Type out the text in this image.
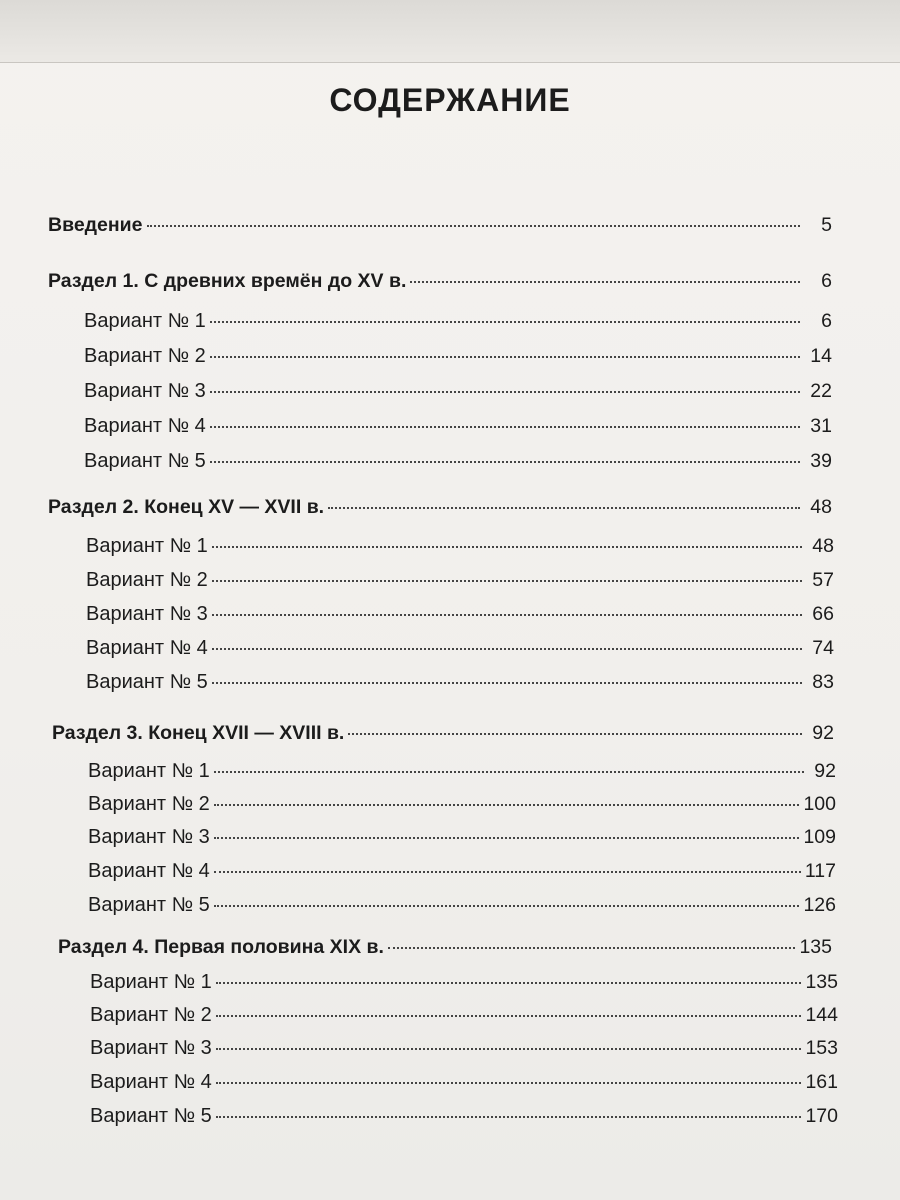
СОДЕРЖАНИЕ
Введение	5
Раздел 1. С древних времён до XV в.	6
Вариант № 1	6
Вариант № 2	14
Вариант № 3	22
Вариант № 4	31
Вариант № 5	39
Раздел 2. Конец XV — XVII в.	48
Вариант № 1	48
Вариант № 2	57
Вариант № 3	66
Вариант № 4	74
Вариант № 5	83
Раздел 3. Конец XVII — XVIII в.	92
Вариант № 1	92
Вариант № 2	100
Вариант № 3	109
Вариант № 4	117
Вариант № 5	126
Раздел 4. Первая половина XIX в.	135
Вариант № 1	135
Вариант № 2	144
Вариант № 3	153
Вариант № 4	161
Вариант № 5	170
